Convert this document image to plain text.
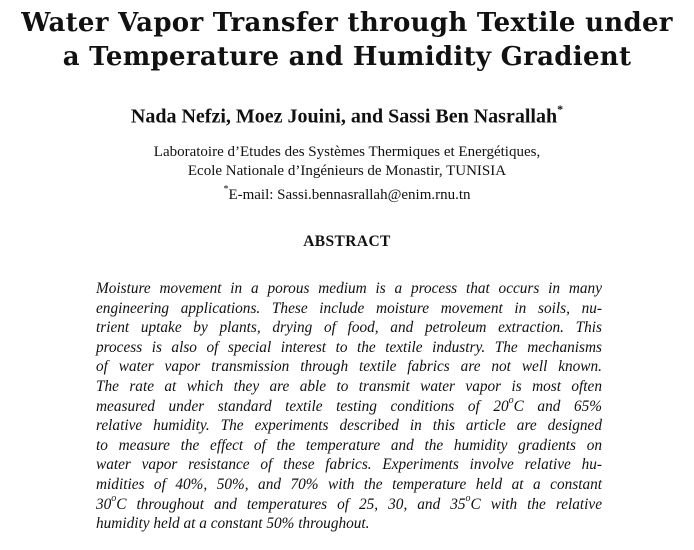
Water Vapor Transfer through Textile under
a Temperature and Humidity Gradient
Nada Nefzi, Moez Jouini, and Sassi Ben Nasrallah*
Laboratoire d’Etudes des Systèmes Thermiques et Energétiques,
Ecole Nationale d’Ingénieurs de Monastir, TUNISIA
*E-mail: Sassi.bennasrallah@enim.rnu.tn
ABSTRACT
Moisture movement in a porous medium is a process that occurs in many
engineering applications. These include moisture movement in soils, nu-
trient uptake by plants, drying of food, and petroleum extraction. This
process is also of special interest to the textile industry. The mechanisms
of water vapor transmission through textile fabrics are not well known.
The rate at which they are able to transmit water vapor is most often
measured under standard textile testing conditions of 20$^o$C and 65%
relative humidity. The experiments described in this article are designed
to measure the effect of the temperature and the humidity gradients on
water vapor resistance of these fabrics. Experiments involve relative hu-
midities of 40%, 50%, and 70% with the temperature held at a constant
30$^o$C throughout and temperatures of 25, 30, and 35$^o$C with the relative
humidity held at a constant 50% throughout.
